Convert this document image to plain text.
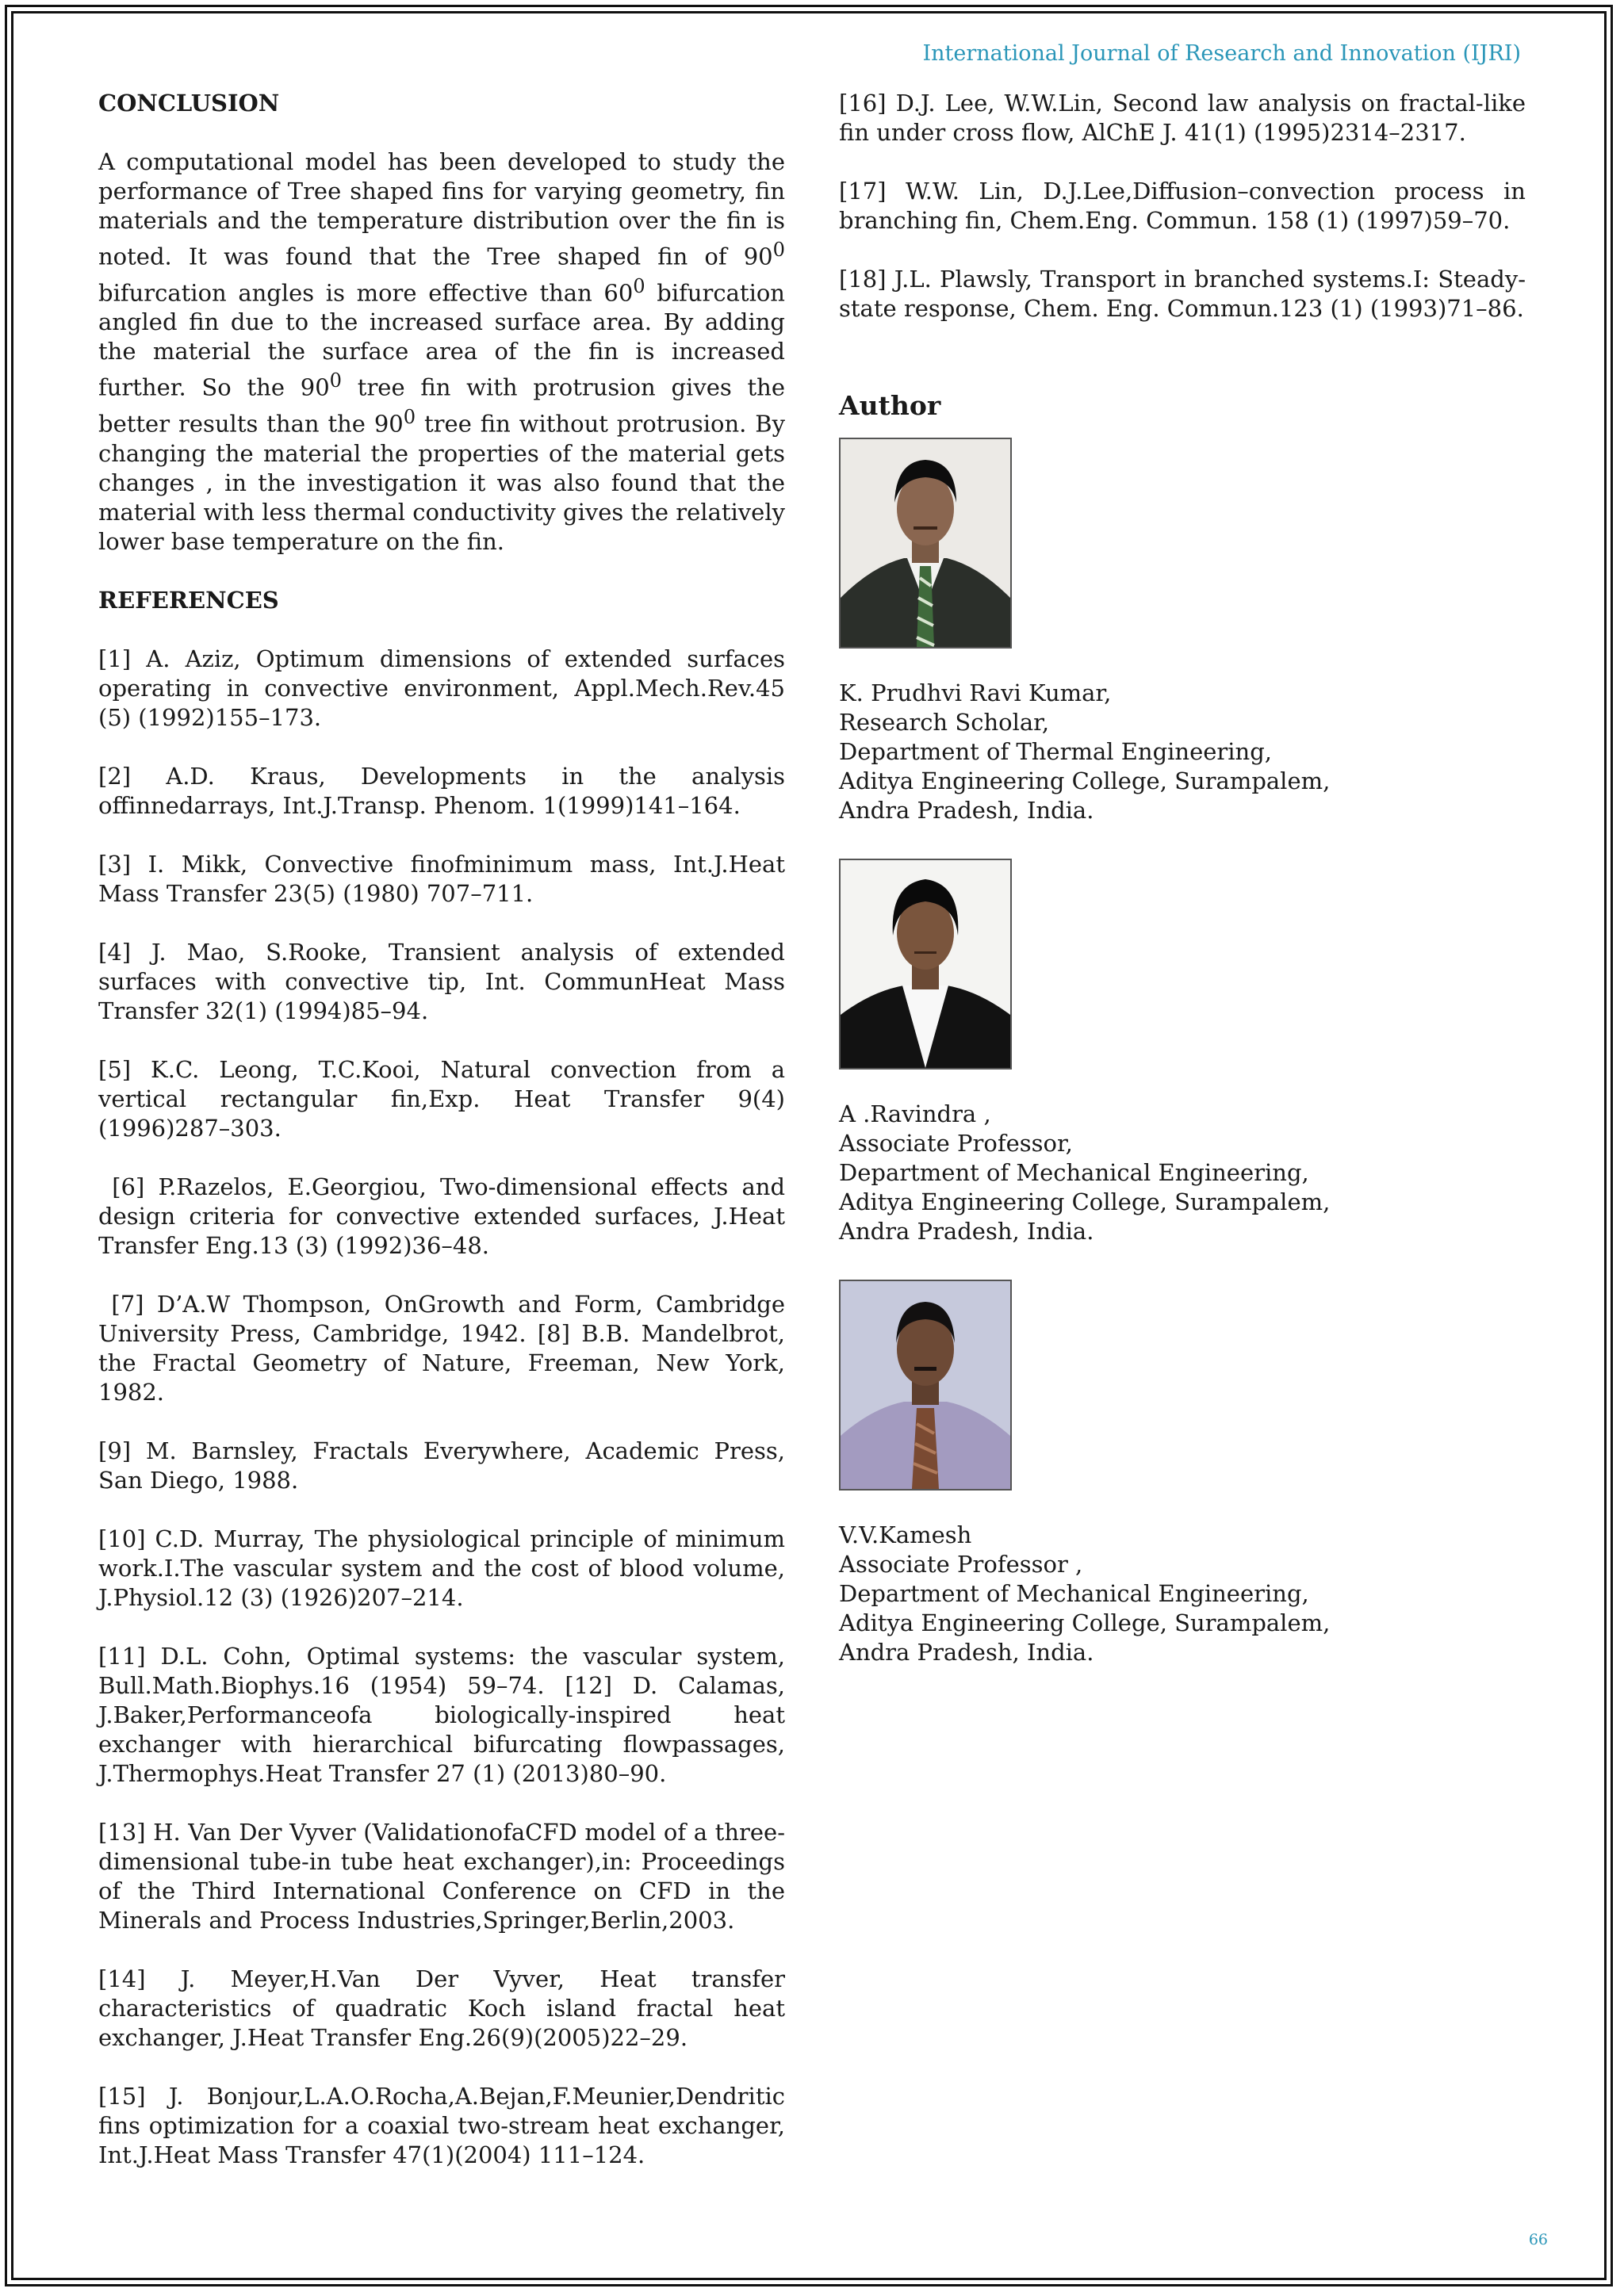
International Journal of Research and Innovation (IJRI)
CONCLUSION

A computational model has been developed to study the performance of Tree shaped fins for varying geometry, fin materials and the temperature distribution over the fin is noted. It was found that the Tree shaped fin of $90^0$ bifurcation angles is more effective than $60^0$ bifurcation angled fin due to the increased surface area. By adding the material the surface area of the fin is increased further. So the $90^0$ tree fin with protrusion gives the better results than the $90^0$ tree fin without protrusion. By changing the material the properties of the material gets changes , in the investigation it was also found that the material with less thermal conductivity gives the relatively lower base temperature on the fin.

REFERENCES

[1] A. Aziz, Optimum dimensions of extended surfaces operating in convective environment, Appl.Mech.Rev.45 (5) (1992)155–173.

[2] A.D. Kraus, Developments in the analysis offinnedarrays, Int.J.Transp. Phenom. 1(1999)141–164.

[3] I. Mikk, Convective finofminimum mass, Int.J.Heat Mass Transfer 23(5) (1980) 707–711.

[4] J. Mao, S.Rooke, Transient analysis of extended surfaces with convective tip, Int. CommunHeat Mass Transfer 32(1) (1994)85–94.

[5] K.C. Leong, T.C.Kooi, Natural convection from a vertical rectangular fin,Exp. Heat Transfer 9(4) (1996)287–303.

[6] P.Razelos, E.Georgiou, Two-dimensional effects and design criteria for convective extended surfaces, J.Heat Transfer Eng.13 (3) (1992)36–48.

[7] D’A.W Thompson, OnGrowth and Form, Cambridge University Press, Cambridge, 1942. [8] B.B. Mandelbrot, the Fractal Geometry of Nature, Freeman, New York, 1982.

[9] M. Barnsley, Fractals Everywhere, Academic Press, San Diego, 1988.

[10] C.D. Murray, The physiological principle of minimum work.I.The vascular system and the cost of blood volume, J.Physiol.12 (3) (1926)207–214.

[11] D.L. Cohn, Optimal systems: the vascular system, Bull.Math.Biophys.16 (1954) 59–74. [12] D. Calamas, J.Baker,Performanceofa biologically-inspired heat exchanger with hierarchical bifurcating flowpassages, J.Thermophys.Heat Transfer 27 (1) (2013)80–90.

[13] H. Van Der Vyver (ValidationofaCFD model of a three-dimensional tube-in tube heat exchanger),in: Proceedings of the Third International Conference on CFD in the Minerals and Process Industries,Springer,Berlin,2003.

[14] J. Meyer,H.Van Der Vyver, Heat transfer characteristics of quadratic Koch island fractal heat exchanger, J.Heat Transfer Eng.26(9)(2005)22–29.

[15] J. Bonjour,L.A.O.Rocha,A.Bejan,F.Meunier,Dendritic fins optimization for a coaxial two-stream heat exchanger, Int.J.Heat Mass Transfer 47(1)(2004) 111–124.

[16] D.J. Lee, W.W.Lin, Second law analysis on fractal-like fin under cross flow, AlChE J. 41(1) (1995)2314–2317.

[17] W.W. Lin, D.J.Lee,Diffusion–convection process in branching fin, Chem.Eng. Commun. 158 (1) (1997)59–70.

[18] J.L. Plawsly, Transport in branched systems.I: Steady-state response, Chem. Eng. Commun.123 (1) (1993)71–86.

Author
K. Prudhvi Ravi Kumar,
Research Scholar,
Department of Thermal Engineering,
Aditya Engineering College, Surampalem,
Andra Pradesh, India.
A .Ravindra ,
Associate Professor,
Department of Mechanical Engineering,
Aditya Engineering College, Surampalem,
Andra Pradesh, India.
V.V.Kamesh
Associate Professor ,
Department of Mechanical Engineering,
Aditya Engineering College, Surampalem,
Andra Pradesh, India.
66
